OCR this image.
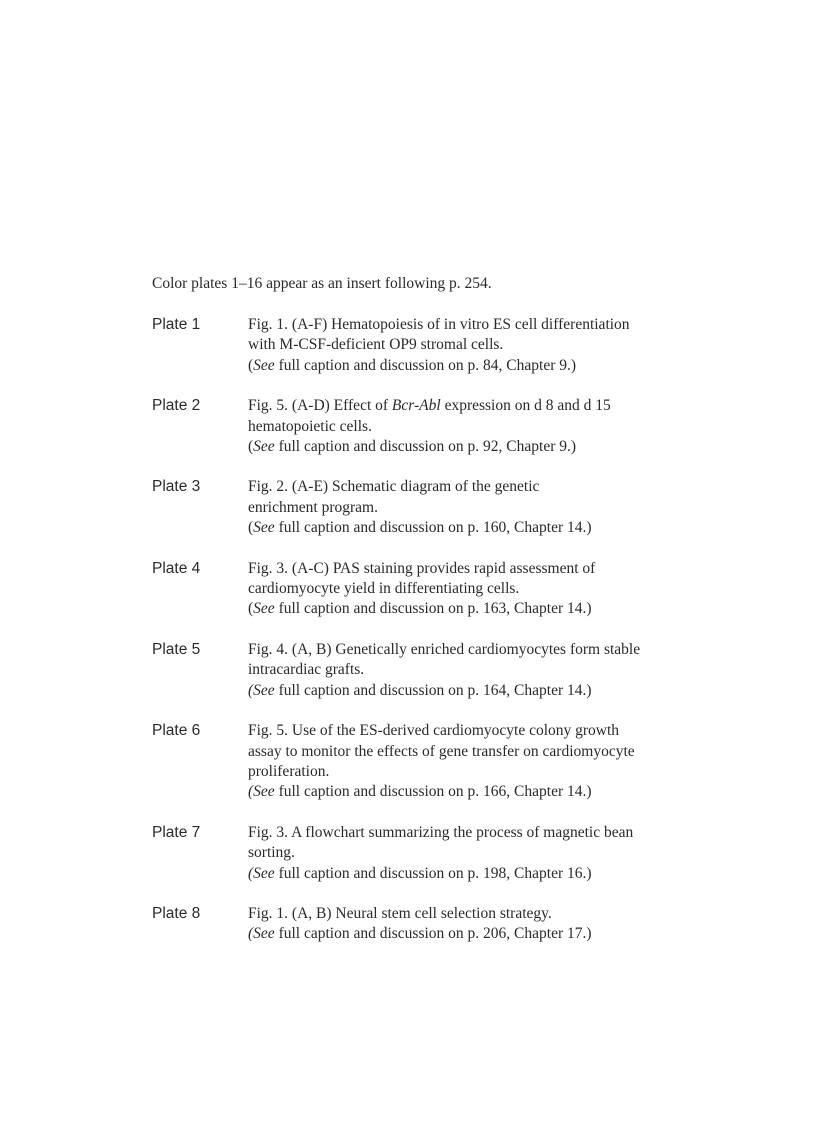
Color plates 1–16 appear as an insert following p. 254.
Plate 1	Fig. 1. (A-F) Hematopoiesis of in vitro ES cell differentiation
with M-CSF-deficient OP9 stromal cells.
(See full caption and discussion on p. 84, Chapter 9.)
Plate 2	Fig. 5. (A-D) Effect of Bcr-Abl expression on d 8 and d 15
hematopoietic cells.
(See full caption and discussion on p. 92, Chapter 9.)
Plate 3	Fig. 2. (A-E) Schematic diagram of the genetic
enrichment program.
(See full caption and discussion on p. 160, Chapter 14.)
Plate 4	Fig. 3. (A-C) PAS staining provides rapid assessment of
cardiomyocyte yield in differentiating cells.
(See full caption and discussion on p. 163, Chapter 14.)
Plate 5	Fig. 4. (A, B) Genetically enriched cardiomyocytes form stable
intracardiac grafts.
(See full caption and discussion on p. 164, Chapter 14.)
Plate 6	Fig. 5. Use of the ES-derived cardiomyocyte colony growth
assay to monitor the effects of gene transfer on cardiomyocyte
proliferation.
(See full caption and discussion on p. 166, Chapter 14.)
Plate 7	Fig. 3. A flowchart summarizing the process of magnetic bean
sorting.
(See full caption and discussion on p. 198, Chapter 16.)
Plate 8	Fig. 1. (A, B) Neural stem cell selection strategy.
(See full caption and discussion on p. 206, Chapter 17.)
